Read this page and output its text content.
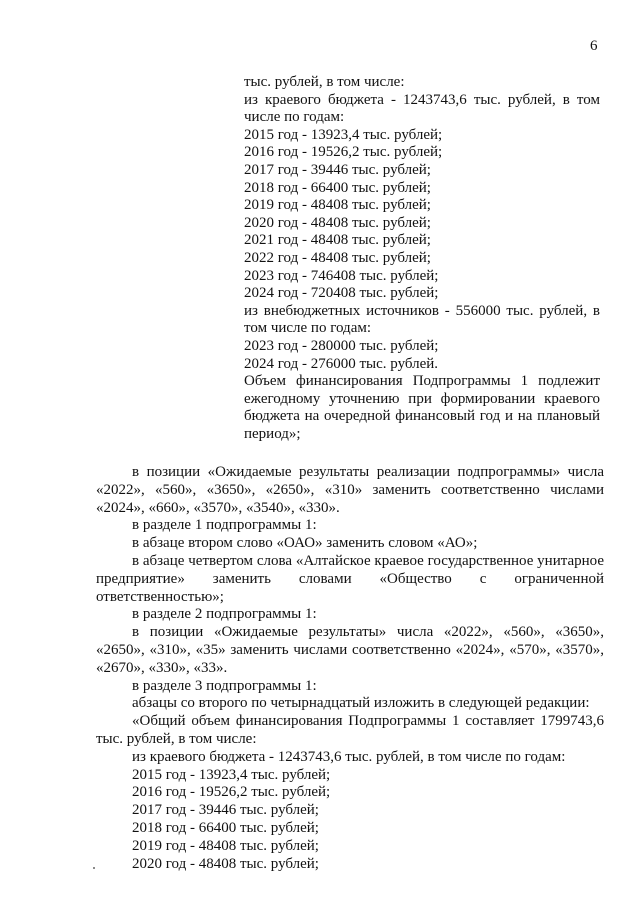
6
тыс. рублей, в том числе:
из краевого бюджета - 1243743,6 тыс. рублей, в том числе по годам:
2015 год - 13923,4 тыс. рублей;
2016 год - 19526,2 тыс. рублей;
2017 год - 39446 тыс. рублей;
2018 год - 66400 тыс. рублей;
2019 год - 48408 тыс. рублей;
2020 год - 48408 тыс. рублей;
2021 год - 48408 тыс. рублей;
2022 год - 48408 тыс. рублей;
2023 год - 746408 тыс. рублей;
2024 год - 720408 тыс. рублей;
из внебюджетных источников - 556000 тыс. рублей, в том числе по годам:
2023 год - 280000 тыс. рублей;
2024 год - 276000 тыс. рублей.
Объем финансирования Подпрограммы 1 подлежит ежегодному уточнению при формировании краевого бюджета на очередной финансовый год и на плановый период»;
в позиции «Ожидаемые результаты реализации подпрограммы» числа «2022», «560», «3650», «2650», «310» заменить соответственно числами «2024», «660», «3570», «3540», «330».
в разделе 1 подпрограммы 1:
в абзаце втором слово «ОАО» заменить словом «АО»;
в абзаце четвертом слова «Алтайское краевое государственное унитарное предприятие» заменить словами «Общество с ограниченной ответственностью»;
в разделе 2 подпрограммы 1:
в позиции «Ожидаемые результаты» числа «2022», «560», «3650», «2650», «310», «35» заменить числами соответственно «2024», «570», «3570», «2670», «330», «33».
в разделе 3 подпрограммы 1:
абзацы со второго по четырнадцатый изложить в следующей редакции:
«Общий объем финансирования Подпрограммы 1 составляет 1799743,6 тыс. рублей, в том числе:
из краевого бюджета - 1243743,6 тыс. рублей, в том числе по годам:
2015 год - 13923,4 тыс. рублей;
2016 год - 19526,2 тыс. рублей;
2017 год - 39446 тыс. рублей;
2018 год - 66400 тыс. рублей;
2019 год - 48408 тыс. рублей;
2020 год - 48408 тыс. рублей;
